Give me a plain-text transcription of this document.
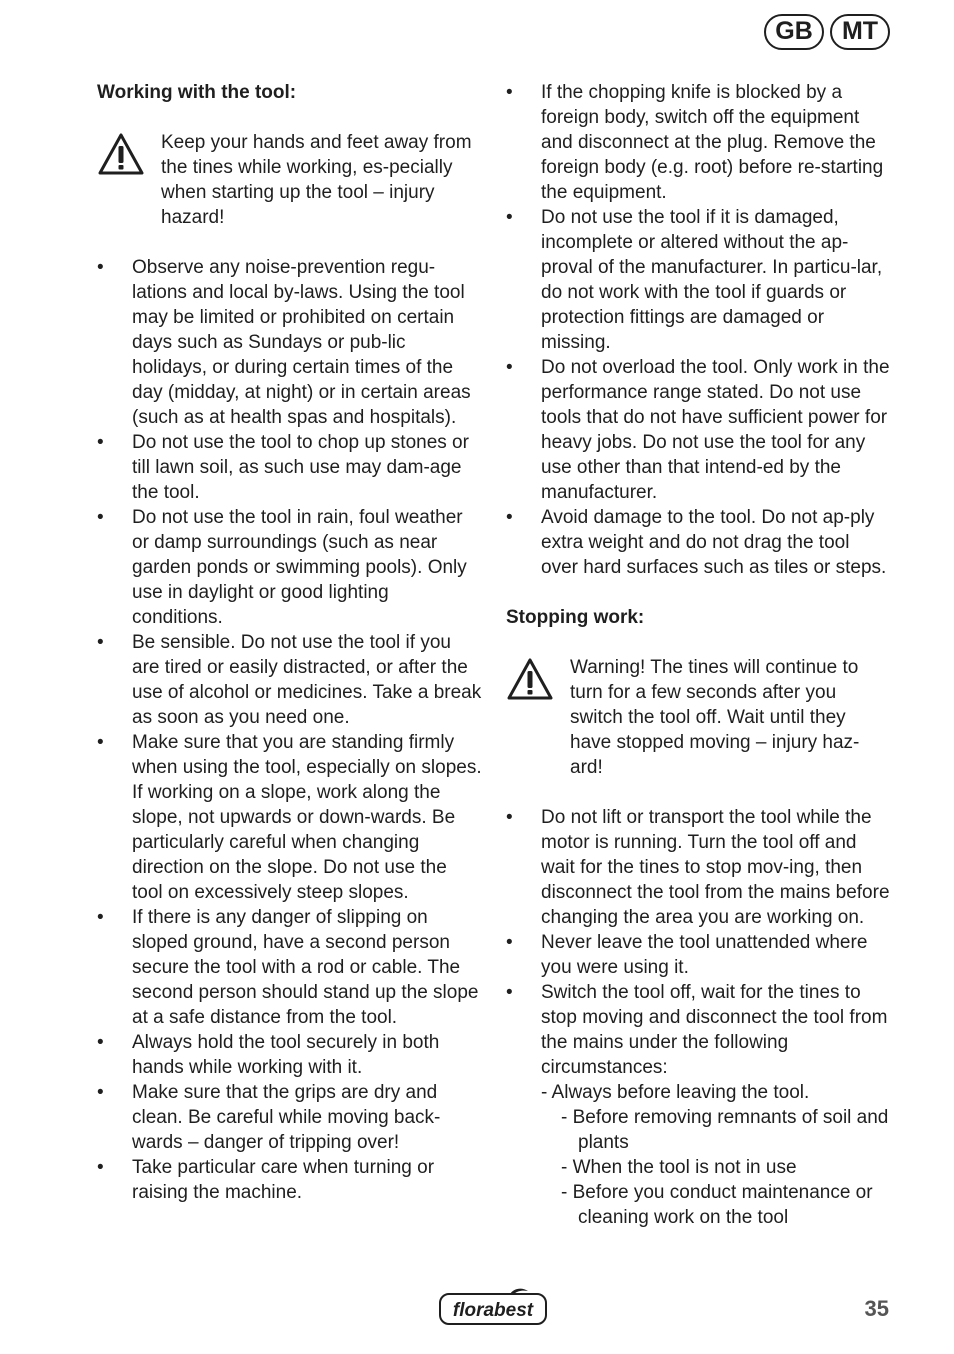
GB	MT
Working with the tool:
Keep your hands and feet away from the tines while working, es-pecially when starting up the tool – injury hazard!
• Observe any noise-prevention regu-lations and local by-laws. Using the tool may be limited or prohibited on certain days such as Sundays or pub-lic holidays, or during certain times of the day (midday, at night) or in certain areas (such as at health spas and hospitals).
• Do not use the tool to chop up stones or till lawn soil, as such use may dam-age the tool.
• Do not use the tool in rain, foul weather or damp surroundings (such as near garden ponds or swimming pools). Only use in daylight or good lighting conditions.
• Be sensible. Do not use the tool if you are tired or easily distracted, or after the use of alcohol or medicines. Take a break as soon as you need one.
• Make sure that you are standing firmly when using the tool, especially on slopes. If working on a slope, work along the slope, not upwards or down-wards. Be particularly careful when changing direction on the slope. Do not use the tool on excessively steep slopes.
• If there is any danger of slipping on sloped ground, have a second person secure the tool with a rod or cable. The second person should stand up the slope at a safe distance from the tool.
• Always hold the tool securely in both hands while working with it.
• Make sure that the grips are dry and clean. Be careful while moving back-wards – danger of tripping over!
• Take particular care when turning or raising the machine.
• If the chopping knife is blocked by a foreign body, switch off the equipment and disconnect at the plug. Remove the foreign body (e.g. root) before re-starting the equipment.
• Do not use the tool if it is damaged, incomplete or altered without the ap-proval of the manufacturer. In particu-lar, do not work with the tool if guards or protection fittings are damaged or missing.
• Do not overload the tool. Only work in the performance range stated. Do not use tools that do not have sufficient power for heavy jobs. Do not use the tool for any use other than that intend-ed by the manufacturer.
• Avoid damage to the tool. Do not ap-ply extra weight and do not drag the tool over hard surfaces such as tiles or steps.
Stopping work:
Warning! The tines will continue to turn for a few seconds after you switch the tool off. Wait until they have stopped moving – injury haz-ard!
• Do not lift or transport the tool while the motor is running. Turn the tool off and wait for the tines to stop mov-ing, then disconnect the tool from the mains before changing the area you are working on.
• Never leave the tool unattended where you were using it.
• Switch the tool off, wait for the tines to stop moving and disconnect the tool from the mains under the following circumstances:
- Always before leaving the tool.
- Before removing remnants of soil and plants
- When the tool is not in use
- Before you conduct maintenance or cleaning work on the tool
florabest	35
